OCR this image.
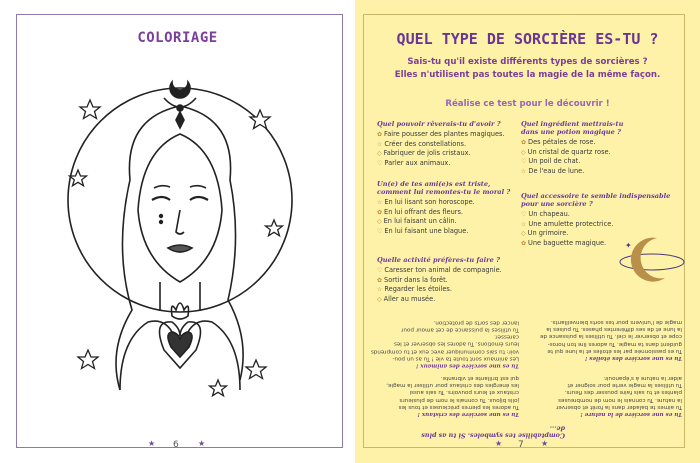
COLORIAGE
★ 6 ★
QUEL TYPE DE SORCIÈRE ES-TU ?
Sais-tu qu'il existe différents types de sorcières ?
Elles n'utilisent pas toutes la magie de la même façon.
Réalise ce test pour le découvrir !
Quel pouvoir rêverais-tu d'avoir ?
✿ Faire pousser des plantes magiques.
☆ Créer des constellations.
◇ Fabriquer de jolis cristaux.
♡ Parler aux animaux.
Un(e) de tes ami(e)s est triste,
comment lui remontes-tu le moral ?
☆ En lui lisant son horoscope.
✿ En lui offrant des fleurs.
◇ En lui faisant un câlin.
♡ En lui faisant une blague.
Quelle activité préfères-tu faire ?
♡ Caresser ton animal de compagnie.
✿ Sortir dans la forêt.
☆ Regarder les étoiles.
◇ Aller au musée.
Quel ingrédient mettrais-tu
dans une potion magique ?
✿ Des pétales de rose.
◇ Un cristal de quartz rose.
♡ Un poil de chat.
☆ De l'eau de lune.
Quel accessoire te semble indispensable
pour une sorcière ?
♡ Un chapeau.
☆ Une amulette protectrice.
◇ Un grimoire.
✿ Une baguette magique.	✦
Tu es une sorcière des animaux !
Les animaux sont toute ta vie ! Tu as un pou-
voir: tu sais communiquer avec eux et tu comprends
leurs émotions. Tu adores les observer et les caresser.
Tu utilises la puissance de cet amour pour
lancer des sorts de protection.
Tu es une sorcière des cristaux !
Tu adores les pierres précieuses et tous les
jolis bijoux. Tu connais le nom de plusieurs
cristaux et leurs pouvoirs. Tu sais aussi
les énergies des cristaux pour utiliser la magie,
qui est brillante et vibrante.
Tu es une sorcière des étoiles !
Tu es passionnée par les étoiles et la lune qui te
guident dans ta magie. Tu adores lire ton horos-
cope et observer le ciel. Tu utilises la puissance de
la lune et de ses différentes phases. Tu puises la
magie de l'univers pour tes sorts bienveillants.
Tu es une sorcière de la nature !
Tu aimes te balader dans la forêt et observer
la nature. Tu connais le nom de nombreuses
plantes et tu sais faire pousser des fleurs.
Tu utilises la magie verte pour soigner et
aider la nature à s'épanouir.
Comptabilise tes symboles. Si tu as plus de...
★ 7 ★
